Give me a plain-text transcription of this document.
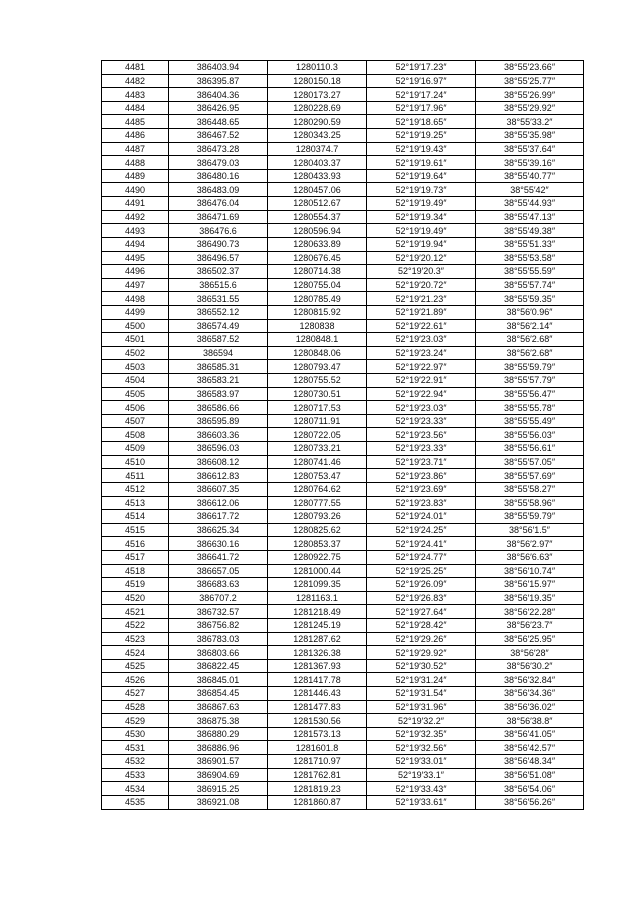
4481	386403.94	1280110.3	52°19′17.23″	38°55′23.66″
4482	386395.87	1280150.18	52°19′16.97″	38°55′25.77″
4483	386404.36	1280173.27	52°19′17.24″	38°55′26.99″
4484	386426.95	1280228.69	52°19′17.96″	38°55′29.92″
4485	386448.65	1280290.59	52°19′18.65″	38°55′33.2″
4486	386467.52	1280343.25	52°19′19.25″	38°55′35.98″
4487	386473.28	1280374.7	52°19′19.43″	38°55′37.64″
4488	386479.03	1280403.37	52°19′19.61″	38°55′39.16″
4489	386480.16	1280433.93	52°19′19.64″	38°55′40.77″
4490	386483.09	1280457.06	52°19′19.73″	38°55′42″
4491	386476.04	1280512.67	52°19′19.49″	38°55′44.93″
4492	386471.69	1280554.37	52°19′19.34″	38°55′47.13″
4493	386476.6	1280596.94	52°19′19.49″	38°55′49.38″
4494	386490.73	1280633.89	52°19′19.94″	38°55′51.33″
4495	386496.57	1280676.45	52°19′20.12″	38°55′53.58″
4496	386502.37	1280714.38	52°19′20.3″	38°55′55.59″
4497	386515.6	1280755.04	52°19′20.72″	38°55′57.74″
4498	386531.55	1280785.49	52°19′21.23″	38°55′59.35″
4499	386552.12	1280815.92	52°19′21.89″	38°56′0.96″
4500	386574.49	1280838	52°19′22.61″	38°56′2.14″
4501	386587.52	1280848.1	52°19′23.03″	38°56′2.68″
4502	386594	1280848.06	52°19′23.24″	38°56′2.68″
4503	386585.31	1280793.47	52°19′22.97″	38°55′59.79″
4504	386583.21	1280755.52	52°19′22.91″	38°55′57.79″
4505	386583.97	1280730.51	52°19′22.94″	38°55′56.47″
4506	386586.66	1280717.53	52°19′23.03″	38°55′55.78″
4507	386595.89	1280711.91	52°19′23.33″	38°55′55.49″
4508	386603.36	1280722.05	52°19′23.56″	38°55′56.03″
4509	386596.03	1280733.21	52°19′23.33″	38°55′56.61″
4510	386608.12	1280741.46	52°19′23.71″	38°55′57.05″
4511	386612.83	1280753.47	52°19′23.86″	38°55′57.69″
4512	386607.35	1280764.62	52°19′23.69″	38°55′58.27″
4513	386612.06	1280777.55	52°19′23.83″	38°55′58.96″
4514	386617.72	1280793.26	52°19′24.01″	38°55′59.79″
4515	386625.34	1280825.62	52°19′24.25″	38°56′1.5″
4516	386630.16	1280853.37	52°19′24.41″	38°56′2.97″
4517	386641.72	1280922.75	52°19′24.77″	38°56′6.63″
4518	386657.05	1281000.44	52°19′25.25″	38°56′10.74″
4519	386683.63	1281099.35	52°19′26.09″	38°56′15.97″
4520	386707.2	1281163.1	52°19′26.83″	38°56′19.35″
4521	386732.57	1281218.49	52°19′27.64″	38°56′22.28″
4522	386756.82	1281245.19	52°19′28.42″	38°56′23.7″
4523	386783.03	1281287.62	52°19′29.26″	38°56′25.95″
4524	386803.66	1281326.38	52°19′29.92″	38°56′28″
4525	386822.45	1281367.93	52°19′30.52″	38°56′30.2″
4526	386845.01	1281417.78	52°19′31.24″	38°56′32.84″
4527	386854.45	1281446.43	52°19′31.54″	38°56′34.36″
4528	386867.63	1281477.83	52°19′31.96″	38°56′36.02″
4529	386875.38	1281530.56	52°19′32.2″	38°56′38.8″
4530	386880.29	1281573.13	52°19′32.35″	38°56′41.05″
4531	386886.96	1281601.8	52°19′32.56″	38°56′42.57″
4532	386901.57	1281710.97	52°19′33.01″	38°56′48.34″
4533	386904.69	1281762.81	52°19′33.1″	38°56′51.08″
4534	386915.25	1281819.23	52°19′33.43″	38°56′54.06″
4535	386921.08	1281860.87	52°19′33.61″	38°56′56.26″
